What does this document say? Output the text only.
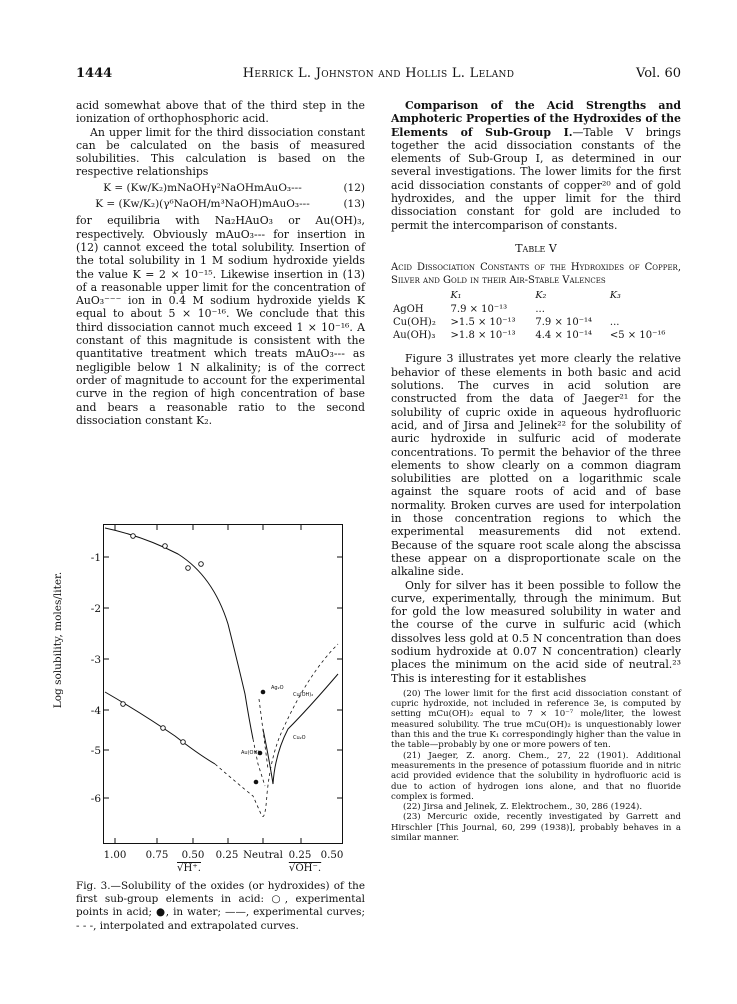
1444	Herrick L. Johnston and Hollis L. Leland	Vol. 60

acid somewhat above that of the third step in the ionization of orthophosphoric acid.

An upper limit for the third dissociation constant can be calculated on the basis of measured solubilities. This calculation is based on the respective relationships

K = (Kw/K₂)mNaOHγ²NaOHmAuO₃---	(12)
K = (Kw/K₂)(γ⁶NaOH/m³NaOH)mAuO₃---	(13)

for equilibria with Na₂HAuO₃ or Au(OH)₃, respectively. Obviously mAuO₃--- for insertion in (12) cannot exceed the total solubility. Insertion of the total solubility in 1 M sodium hydroxide yields the value K = 2 × 10⁻¹⁵. Likewise insertion in (13) of a reasonable upper limit for the concentration of AuO₃⁻⁻⁻ ion in 0.4 M sodium hydroxide yields K equal to about 5 × 10⁻¹⁶. We conclude that this third dissociation cannot much exceed 1 × 10⁻¹⁶. A constant of this magnitude is consistent with the quantitative treatment which treats mAuO₃--- as negligible below 1 N alkalinity; is of the correct order of magnitude to account for the experimental curve in the region of high concentration of base and bears a reasonable ratio to the second dissociation constant K₂.

Ag₂O
Cu(OH)₂
Au(OH)₃
Cu₂O
-1
-2
-3
-4
-5
-6
Log solubility, moles/liter.
1.00 0.75 0.50 0.25 Neutral 0.25 0.50
√H⁺.	√OH⁻.
Fig. 3.—Solubility of the oxides (or hydroxides) of the first sub-group elements in acid: ○, experimental points in acid; ●, in water; ——, experimental curves; - - -, interpolated and extrapolated curves.

Comparison of the Acid Strengths and Amphoteric Properties of the Hydroxides of the Elements of Sub-Group I.—Table V brings together the acid dissociation constants of the elements of Sub-Group I, as determined in our several investigations. The lower limits for the first acid dissociation constants of copper²⁰ and of gold hydroxides, and the upper limit for the third dissociation constant for gold are included to permit the intercomparison of constants.

Table V
Acid Dissociation Constants of the Hydroxides of Copper, Silver and Gold in their Air-Stable Valences
	K₁	K₂	K₃
AgOH	7.9 × 10⁻¹³	...	
Cu(OH)₂	>1.5 × 10⁻¹³	7.9 × 10⁻¹⁴	...
Au(OH)₃	>1.8 × 10⁻¹³	4.4 × 10⁻¹⁴	<5 × 10⁻¹⁶

Figure 3 illustrates yet more clearly the relative behavior of these elements in both basic and acid solutions. The curves in acid solution are constructed from the data of Jaeger²¹ for the solubility of cupric oxide in aqueous hydrofluoric acid, and of Jirsa and Jelinek²² for the solubility of auric hydroxide in sulfuric acid of moderate concentrations. To permit the behavior of the three elements to show clearly on a common diagram solubilities are plotted on a logarithmic scale against the square roots of acid and of base normality. Broken curves are used for interpolation in those concentration regions to which the experimental measurements did not extend. Because of the square root scale along the abscissa these appear on a disproportionate scale on the alkaline side.

Only for silver has it been possible to follow the curve, experimentally, through the minimum. But for gold the low measured solubility in water and the course of the curve in sulfuric acid (which dissolves less gold at 0.5 N concentration than does sodium hydroxide at 0.07 N concentration) clearly places the minimum on the acid side of neutral.²³ This is interesting for it establishes

(20) The lower limit for the first acid dissociation constant of cupric hydroxide, not included in reference 3e, is computed by setting mCu(OH)₂ equal to 7 × 10⁻⁷ mole/liter, the lowest measured solubility. The true mCu(OH)₂ is unquestionably lower than this and the true K₁ correspondingly higher than the value in the table—probably by one or more powers of ten.

(21) Jaeger, Z. anorg. Chem., 27, 22 (1901). Additional measurements in the presence of potassium fluoride and in nitric acid provided evidence that the solubility in hydrofluoric acid is due to action of hydrogen ions alone, and that no fluoride complex is formed.

(22) Jirsa and Jelinek, Z. Elektrochem., 30, 286 (1924).

(23) Mercuric oxide, recently investigated by Garrett and Hirschler [This Journal, 60, 299 (1938)], probably behaves in a similar manner.
